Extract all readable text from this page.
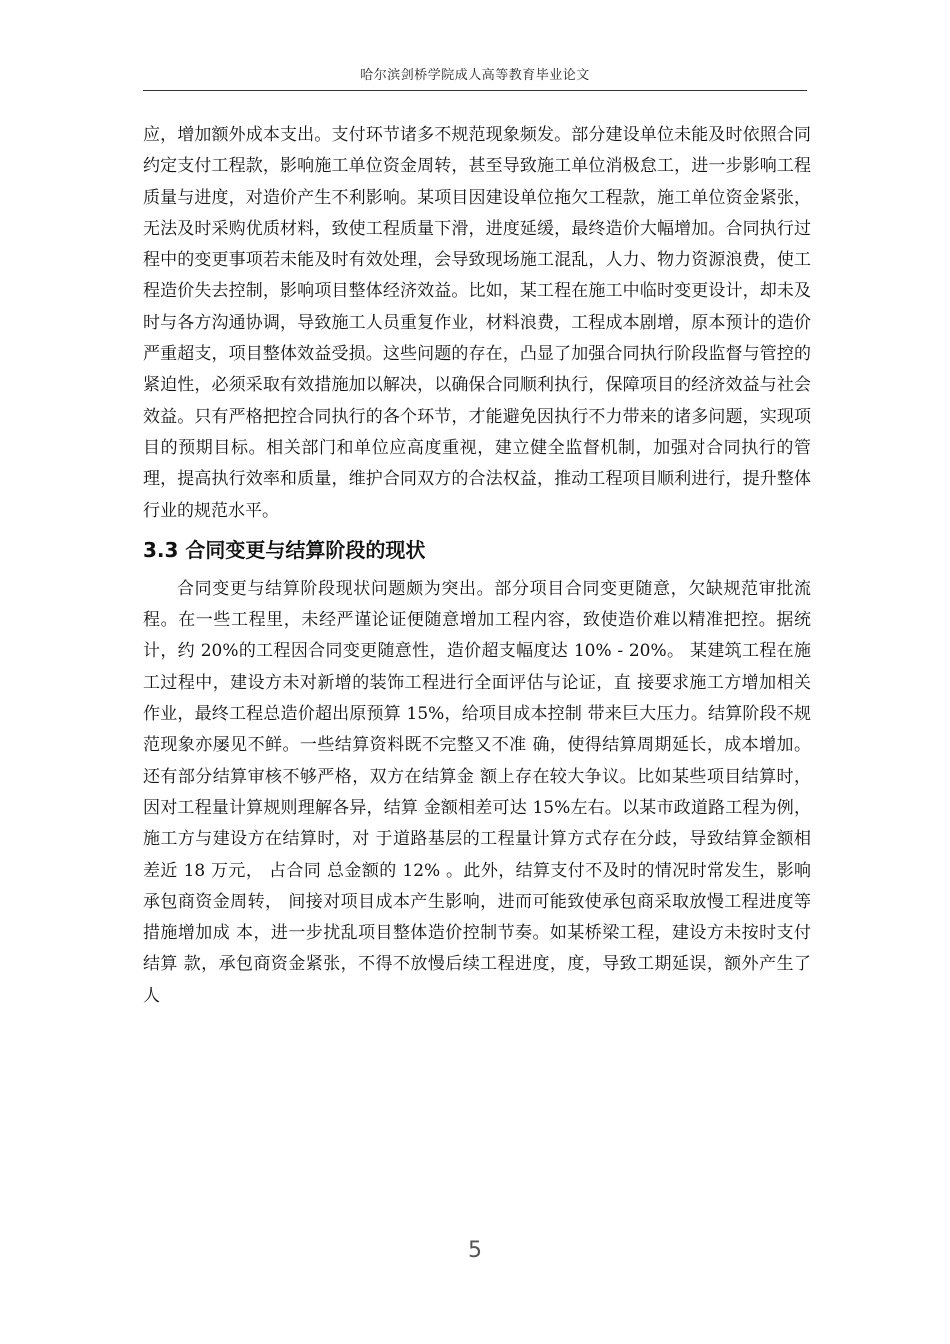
哈尔滨剑桥学院成人高等教育毕业论文

应，增加额外成本支出。支付环节诸多不规范现象频发。部分建设单位未能及时依照合同约定支付工程款，影响施工单位资金周转，甚至导致施工单位消极怠工，进一步影响工程质量与进度，对造价产生不利影响。某项目因建设单位拖欠工程款，施工单位资金紧张，无法及时采购优质材料，致使工程质量下滑，进度延缓，最终造价大幅增加。合同执行过程中的变更事项若未能及时有效处理，会导致现场施工混乱，人力、物力资源浪费，使工程造价失去控制，影响项目整体经济效益。比如，某工程在施工中临时变更设计，却未及时与各方沟通协调，导致施工人员重复作业，材料浪费，工程成本剧增，原本预计的造价严重超支，项目整体效益受损。这些问题的存在，凸显了加强合同执行阶段监督与管控的紧迫性，必须采取有效措施加以解决，以确保合同顺利执行，保障项目的经济效益与社会效益。只有严格把控合同执行的各个环节，才能避免因执行不力带来的诸多问题，实现项目的预期目标。相关部门和单位应高度重视，建立健全监督机制，加强对合同执行的管理，提高执行效率和质量，维护合同双方的合法权益，推动工程项目顺利进行，提升整体行业的规范水平。

3.3 合同变更与结算阶段的现状

合同变更与结算阶段现状问题颇为突出。部分项目合同变更随意，欠缺规范审批流程。在一些工程里，未经严谨论证便随意增加工程内容，致使造价难以精准把控。据统计，约 20%的工程因合同变更随意性，造价超支幅度达 10% - 20%。 某建筑工程在施工过程中，建设方未对新增的装饰工程进行全面评估与论证，直 接要求施工方增加相关作业，最终工程总造价超出原预算 15%，给项目成本控制 带来巨大压力。结算阶段不规范现象亦屡见不鲜。一些结算资料既不完整又不准 确，使得结算周期延长，成本增加。还有部分结算审核不够严格，双方在结算金 额上存在较大争议。比如某些项目结算时，因对工程量计算规则理解各异，结算 金额相差可达 15%左右。以某市政道路工程为例，施工方与建设方在结算时，对 于道路基层的工程量计算方式存在分歧，导致结算金额相差近 18 万元， 占合同 总金额的 12% 。此外，结算支付不及时的情况时常发生，影响承包商资金周转， 间接对项目成本产生影响，进而可能致使承包商采取放慢工程进度等措施增加成 本，进一步扰乱项目整体造价控制节奏。如某桥梁工程，建设方未按时支付结算 款，承包商资金紧张，不得不放慢后续工程进度，度，导致工期延误，额外产生了人

5
